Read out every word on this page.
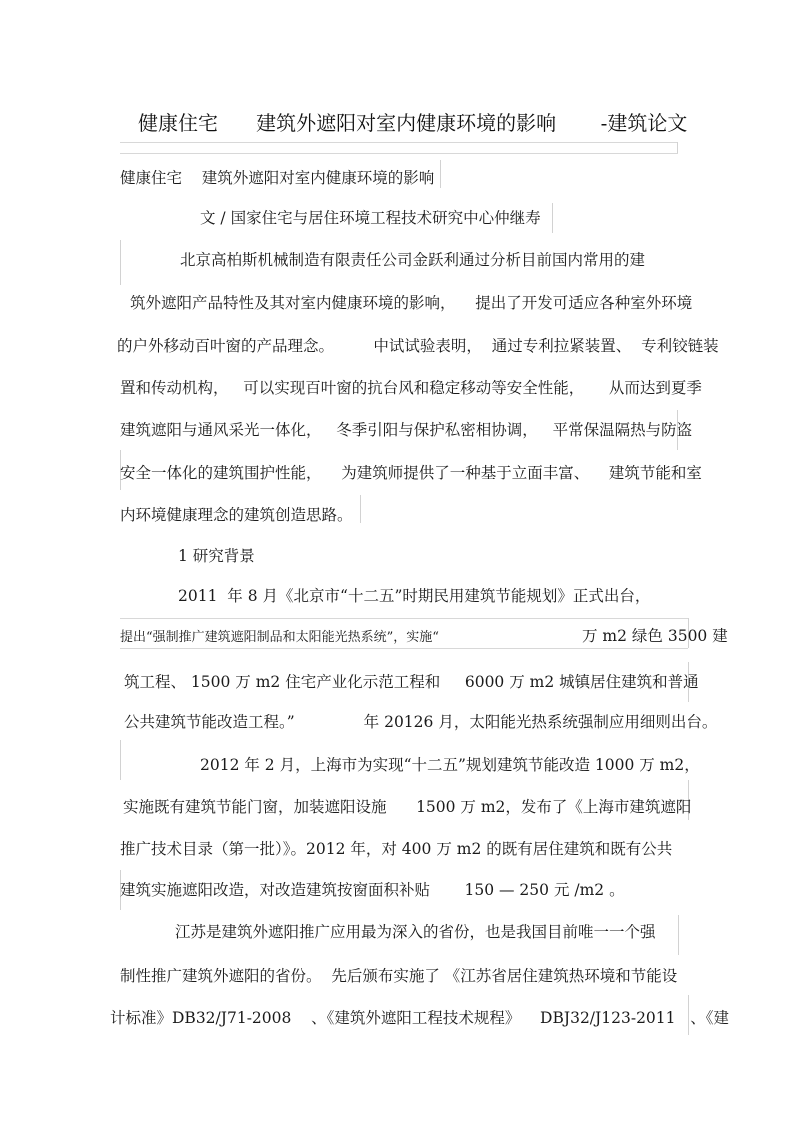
健康住宅      建筑外遮阳对室内健康环境的影响       -建筑论文
健康住宅    建筑外遮阳对室内健康环境的影响
文 / 国家住宅与居住环境工程技术研究中心仲继寿
北京高柏斯机械制造有限责任公司金跃利通过分析目前国内常用的建
筑外遮阳产品特性及其对室内健康环境的影响，    提出了开发可适应各种室外环境
的户外移动百叶窗的产品理念。        中试试验表明，  通过专利拉紧装置、  专利铰链装
置和传动机构，   可以实现百叶窗的抗台风和稳定移动等安全性能，     从而达到夏季
建筑遮阳与通风采光一体化，   冬季引阳与保护私密相协调，   平常保温隔热与防盗
安全一体化的建筑围护性能，    为建筑师提供了一种基于立面丰富、    建筑节能和室
内环境健康理念的建筑创造思路。
1 研究背景
2011  年 8 月《北京市“十二五”时期民用建筑节能规划》正式出台，
提出“强制推广建筑遮阳制品和太阳能光热系统”，实施“	万 m2 绿色 3500 建
筑工程、 1500 万 m2 住宅产业化示范工程和     6000 万 m2 城镇居住建筑和普通
公共建筑节能改造工程。”              年 20126 月，太阳能光热系统强制应用细则出台。
2012 年 2 月，上海市为实现“十二五”规划建筑节能改造 1000 万 m2，
实施既有建筑节能门窗，加装遮阳设施      1500 万 m2，发布了《上海市建筑遮阳
推广技术目录（第一批）》。2012 年，对 400 万 m2 的既有居住建筑和既有公共
建筑实施遮阳改造，对改造建筑按窗面积补贴       150 — 250 元 /m2 。
江苏是建筑外遮阳推广应用最为深入的省份，也是我国目前唯一一个强
制性推广建筑外遮阳的省份。  先后颁布实施了 《江苏省居住建筑热环境和节能设
计标准》DB32/J71-2008    、《建筑外遮阳工程技术规程》    DBJ32/J123-2011   、《建
